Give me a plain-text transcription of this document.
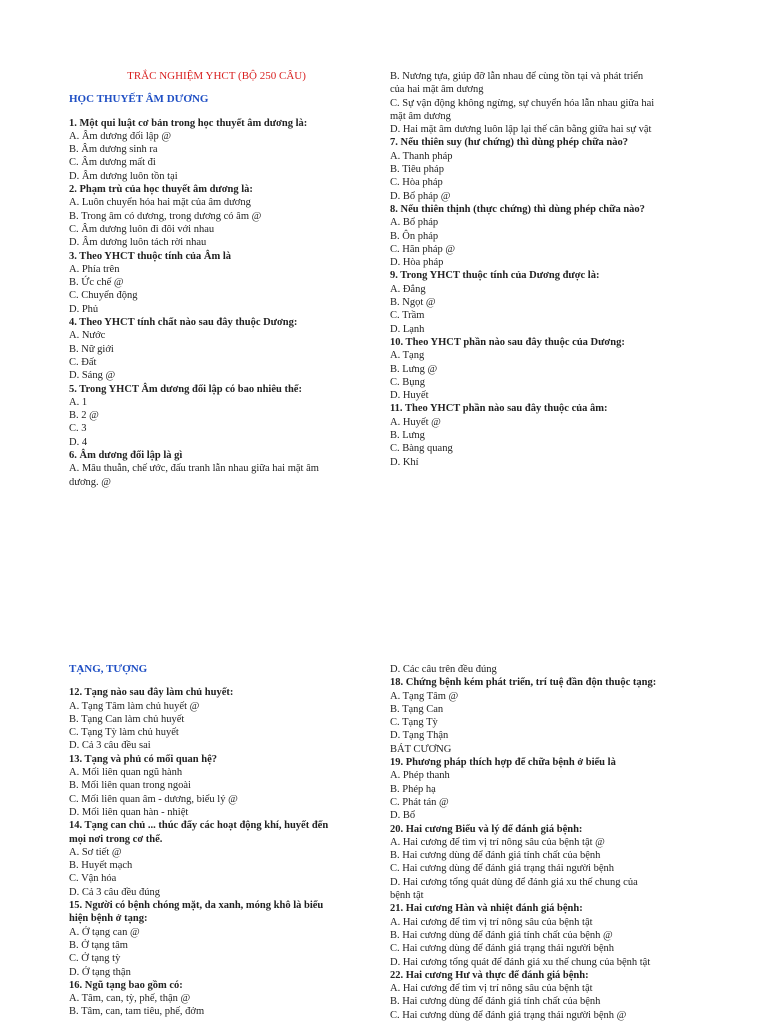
TRẮC NGHIỆM YHCT (BỘ 250 CÂU)
HỌC THUYẾT ÂM DƯƠNG
1. Một qui luật cơ bản trong học thuyết âm dương là:
A. Âm dương đối lập @
B. Âm dương sinh ra
C. Âm dương mất đi
D. Âm dương luôn tồn tại
2. Phạm trù của học thuyết âm dương là:
A. Luôn chuyển hóa hai mặt của âm dương
B. Trong âm có dương, trong dương có âm @
C. Âm dương luôn đi đôi với nhau
D. Âm dương luôn tách rời nhau
3. Theo YHCT thuộc tính của Âm là
A. Phía trên
B. Ức chế @
C. Chuyển động
D. Phủ
4. Theo YHCT tính chất nào sau đây thuộc Dương:
A. Nước
B. Nữ giới
C. Đất
D. Sáng @
5. Trong YHCT Âm dương đối lập có bao nhiêu thể:
A. 1
B. 2 @
C. 3
D. 4
6. Âm dương đối lập là gì
A. Mâu thuẫn, chế ước, đấu tranh lẫn nhau giữa hai mặt âm
dương. @
B. Nương tựa, giúp đỡ lẫn nhau để cùng tồn tại và phát triển
của hai mặt âm dương
C. Sự vận động không ngừng, sự chuyển hóa lẫn nhau giữa hai
mặt âm dương
D. Hai mặt âm dương luôn lập lại thế cân bằng giữa hai sự vật
7. Nếu thiên suy (hư chứng) thì dùng phép chữa nào?
A. Thanh pháp
B. Tiêu pháp
C. Hòa pháp
D. Bổ pháp @
8. Nếu thiên thịnh (thực chứng) thì dùng phép chữa nào?
A. Bổ pháp
B. Ôn pháp
C. Hãn pháp @
D. Hòa pháp
9. Trong YHCT thuộc tính của Dương được là:
A. Đắng
B. Ngọt @
C. Trầm
D. Lạnh
10. Theo YHCT phần nào sau đây thuộc của Dương:
A. Tạng
B. Lưng @
C. Bụng
D. Huyết
11. Theo YHCT phần nào sau đây thuộc của âm:
A. Huyết @
B. Lưng
C. Bàng quang
D. Khí
TẠNG, TƯỢNG
12. Tạng nào sau đây làm chủ huyết:
A. Tạng Tâm làm chủ huyết @
B. Tạng Can làm chủ huyết
C. Tạng Tỳ làm chủ huyết
D. Cả 3 câu đều sai
13. Tạng và phủ có mối quan hệ?
A. Mối liên quan ngũ hành
B. Mối liên quan trong ngoài
C. Mối liên quan âm - dương, biểu lý @
D. Mối liên quan hàn - nhiệt
14. Tạng can chủ ... thúc đẩy các hoạt động khí, huyết đến
mọi nơi trong cơ thể.
A. Sơ tiết @
B. Huyết mạch
C. Vận hóa
D. Cả 3 câu đều đúng
15. Người có bệnh chóng mặt, da xanh, móng khô là biểu
hiện bệnh ở tạng:
A. Ở tạng can @
B. Ở tạng tâm
C. Ở tạng tỳ
D. Ở tạng thận
16. Ngũ tạng bao gồm có:
A. Tâm, can, tỳ, phế, thận @
B. Tâm, can, tam tiêu, phế, đởm
D. Các câu trên đều đúng
18. Chứng bệnh kém phát triển, trí tuệ đần độn thuộc tạng:
A. Tạng Tâm @
B. Tạng Can
C. Tạng Tỳ
D. Tạng Thận
BÁT CƯƠNG
19. Phương pháp thích hợp để chữa bệnh ở biểu là
A. Phép thanh
B. Phép hạ
C. Phát tán @
D. Bổ
20. Hai cương Biểu và lý để đánh giá bệnh:
A. Hai cương để tìm vị trí nông sâu của bệnh tật @
B. Hai cương dùng để đánh giá tính chất của bệnh
C. Hai cương dùng để đánh giá trạng thái người bệnh
D. Hai cương tổng quát dùng để đánh giá xu thế chung của
bệnh tật
21. Hai cương Hàn và nhiệt đánh giá bệnh:
A. Hai cương để tìm vị trí nông sâu của bệnh tật
B. Hai cương dùng để đánh giá tính chất của bệnh @
C. Hai cương dùng để đánh giá trạng thái người bệnh
D. Hai cương tổng quát để đánh giá xu thế chung của bệnh tật
22. Hai cương Hư và thực để đánh giá bệnh:
A. Hai cương để tìm vị trí nông sâu của bệnh tật
B. Hai cương dùng để đánh giá tính chất của bệnh
C. Hai cương dùng để đánh giá trạng thái người bệnh @
